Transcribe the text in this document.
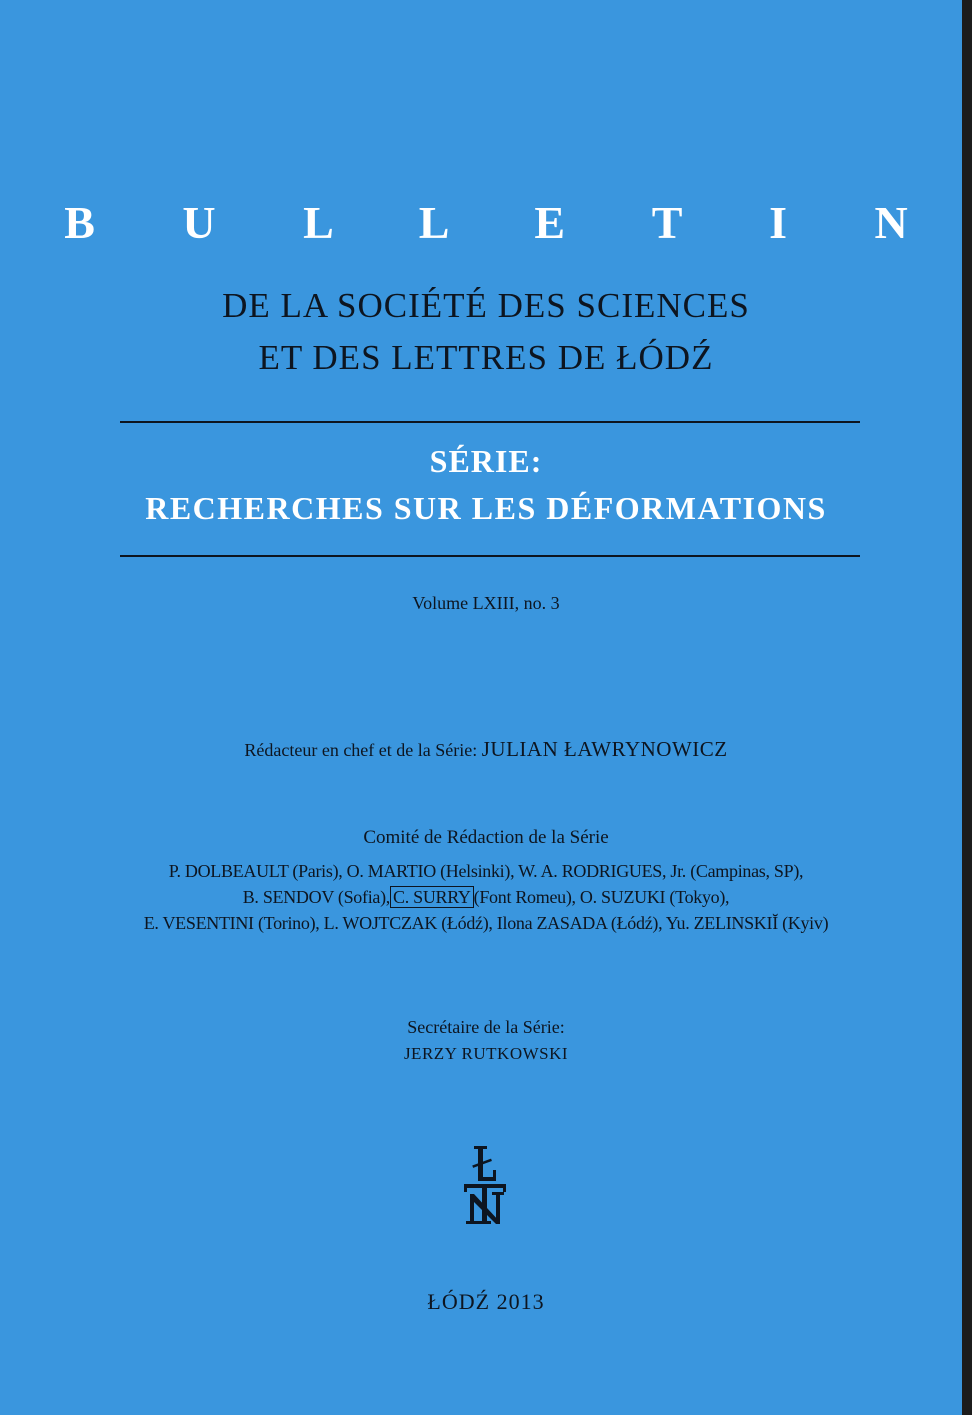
B U L L E T I N
DE LA SOCIÉTÉ DES SCIENCES
ET DES LETTRES DE ŁÓDŹ
SÉRIE:
RECHERCHES SUR LES DÉFORMATIONS
Volume LXIII, no. 3
Rédacteur en chef et de la Série: JULIAN ŁAWRYNOWICZ
Comité de Rédaction de la Série
P. DOLBEAULT (Paris), O. MARTIO (Helsinki), W. A. RODRIGUES, Jr. (Campinas, SP),
B. SENDOV (Sofia), C. SURRY (Font Romeu), O. SUZUKI (Tokyo),
E. VESENTINI (Torino), L. WOJTCZAK (Łódź), Ilona ZASADA (Łódź), Yu. ZELINSKIĬ (Kyiv)
Secrétaire de la Série:
JERZY RUTKOWSKI
ŁÓDŹ 2013
